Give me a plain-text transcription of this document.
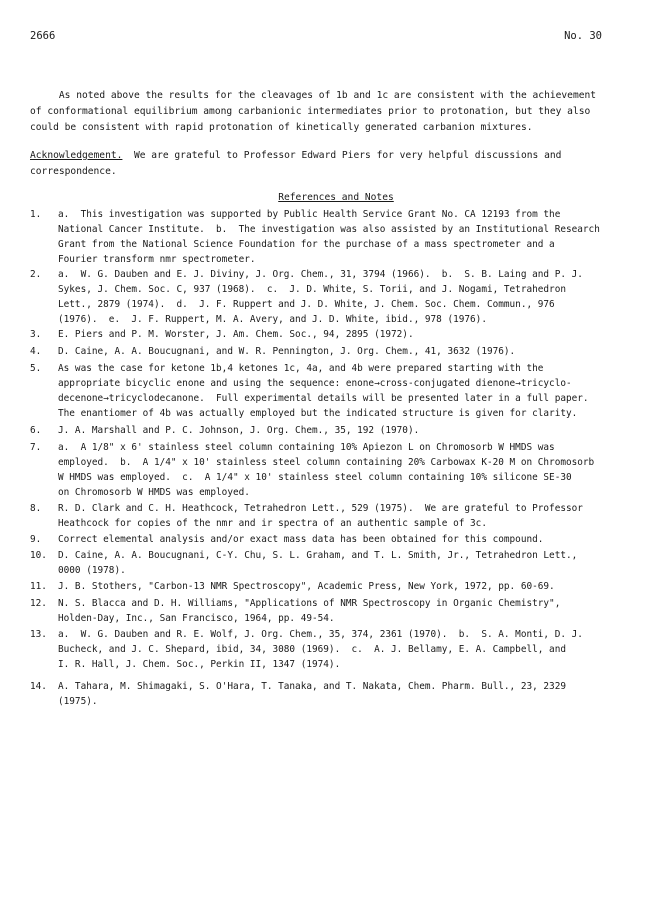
2666	No. 30
As noted above the results for the cleavages of 1b and 1c are consistent with the achievement
of conformational equilibrium among carbanionic intermediates prior to protonation, but they also
could be consistent with rapid protonation of kinetically generated carbanion mixtures.
Acknowledgement.  We are grateful to Professor Edward Piers for very helpful discussions and
correspondence.
References and Notes
1. a.  This investigation was supported by Public Health Service Grant No. CA 12193 from the
National Cancer Institute.  b.  The investigation was also assisted by an Institutional Research
Grant from the National Science Foundation for the purchase of a mass spectrometer and a
Fourier transform nmr spectrometer.
2. a.  W. G. Dauben and E. J. Diviny, J. Org. Chem., 31, 3794 (1966).  b.  S. B. Laing and P. J.
Sykes, J. Chem. Soc. C, 937 (1968).  c.  J. D. White, S. Torii, and J. Nogami, Tetrahedron
Lett., 2879 (1974).  d.  J. F. Ruppert and J. D. White, J. Chem. Soc. Chem. Commun., 976
(1976).  e.  J. F. Ruppert, M. A. Avery, and J. D. White, ibid., 978 (1976).
3. E. Piers and P. M. Worster, J. Am. Chem. Soc., 94, 2895 (1972).
4. D. Caine, A. A. Boucugnani, and W. R. Pennington, J. Org. Chem., 41, 3632 (1976).
5. As was the case for ketone 1b,4 ketones 1c, 4a, and 4b were prepared starting with the
appropriate bicyclic enone and using the sequence: enone→cross-conjugated dienone→tricyclo-
decenone→tricyclodecanone.  Full experimental details will be presented later in a full paper.
The enantiomer of 4b was actually employed but the indicated structure is given for clarity.
6. J. A. Marshall and P. C. Johnson, J. Org. Chem., 35, 192 (1970).
7. a.  A 1/8" x 6' stainless steel column containing 10% Apiezon L on Chromosorb W HMDS was
employed.  b.  A 1/4" x 10' stainless steel column containing 20% Carbowax K-20 M on Chromosorb
W HMDS was employed.  c.  A 1/4" x 10' stainless steel column containing 10% silicone SE-30
on Chromosorb W HMDS was employed.
8. R. D. Clark and C. H. Heathcock, Tetrahedron Lett., 529 (1975).  We are grateful to Professor
Heathcock for copies of the nmr and ir spectra of an authentic sample of 3c.
9. Correct elemental analysis and/or exact mass data has been obtained for this compound.
10. D. Caine, A. A. Boucugnani, C-Y. Chu, S. L. Graham, and T. L. Smith, Jr., Tetrahedron Lett.,
0000 (1978).
11. J. B. Stothers, "Carbon-13 NMR Spectroscopy", Academic Press, New York, 1972, pp. 60-69.
12. N. S. Blacca and D. H. Williams, "Applications of NMR Spectroscopy in Organic Chemistry",
Holden-Day, Inc., San Francisco, 1964, pp. 49-54.
13. a.  W. G. Dauben and R. E. Wolf, J. Org. Chem., 35, 374, 2361 (1970).  b.  S. A. Monti, D. J.
Bucheck, and J. C. Shepard, ibid, 34, 3080 (1969).  c.  A. J. Bellamy, E. A. Campbell, and
I. R. Hall, J. Chem. Soc., Perkin II, 1347 (1974).
14. A. Tahara, M. Shimagaki, S. O'Hara, T. Tanaka, and T. Nakata, Chem. Pharm. Bull., 23, 2329
(1975).
